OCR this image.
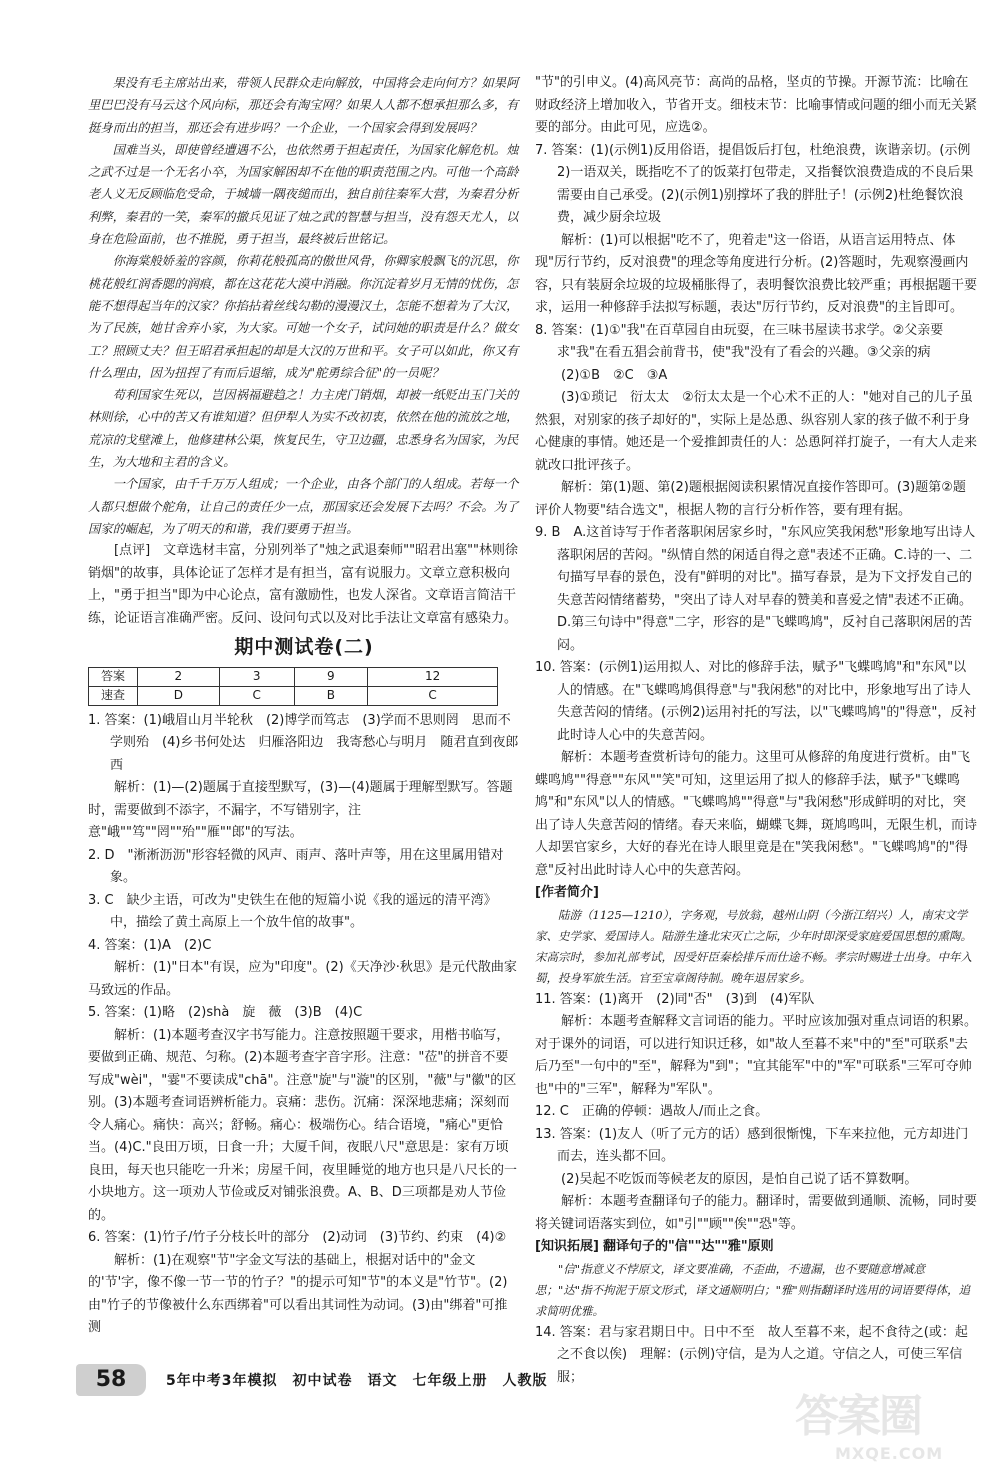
果没有毛主席站出来，带领人民群众走向解放，中国将会走向何方？如果阿里巴巴没有马云这个风向标，那还会有淘宝网？如果人人都不想承担那么多，有挺身而出的担当，那还会有进步吗？一个企业，一个国家会得到发展吗？

国难当头，即使曾经遭遇不公，也依然勇于担起责任，为国家化解危机。烛之武不过是一个无名小卒，为国家解困却不在他的职责范围之内。可他一个高龄老人义无反顾临危受命，于城墙一隅夜缒而出，独自前往秦军大营，为秦君分析利弊，秦君的一笑，秦军的撤兵见证了烛之武的智慧与担当，没有怨天尤人，以身在危险面前，也不推脱，勇于担当，最终被后世铭记。

你海棠般娇羞的容颜，你莉花般孤高的傲世风骨，你卿家般飘飞的沉思，你桃花般红润香腮的润痕，都在这花花大漠中消融。你沉淀着岁月无情的忧伤，怎能不想得起当年的汉家？你掐拈着丝线勾勒的漫漫汉土，怎能不想着为了大汉，为了民族，她甘舍弃小家，为大家。可她一个女子，试问她的职责是什么？做女工？照顾丈夫？但王昭君承担起的却是大汉的万世和平。女子可以如此，你又有什么理由，因为扭捏了有而后退缩，成为"舵勇综合征"的一员呢？

苟利国家生死以，岂因祸福避趋之！力主虎门销烟，却被一纸贬出玉门关的林则徐，心中的苦又有谁知道？但伊犁人为实不改初衷，依然在他的流放之地，荒凉的戈壁滩上，他修建林公渠，恢复民生，守卫边疆，忠悉身名为国家，为民生，为大地和主君的含义。

一个国家，由千千万万人组成；一个企业，由各个部门的人组成。若每一个人都只想做个舵角，让自己的责任少一点，那国家还会发展下去吗？不会。为了国家的崛起，为了明天的和谐，我们要勇于担当。

[点评]　文章选材丰富，分别列举了"烛之武退秦师""昭君出塞""林则徐销烟"的故事，具体论证了怎样才是有担当，富有说服力。文章立意积极向上，"勇于担当"即为中心论点，富有激励性，也发人深省。文章语言简洁干练，论证语言准确严密。反问、设问句式以及对比手法让文章富有感染力。

期中测试卷(二)
答案	2	3	9	12
速查	D	C	B	C

1. 答案：(1)峨眉山月半轮秋　(2)博学而笃志　(3)学而不思则罔　思而不学则殆　(4)乡书何处达　归雁洛阳边　我寄愁心与明月　随君直到夜郎西

解析：(1)—(2)题属于直接型默写，(3)—(4)题属于理解型默写。答题时，需要做到不添字，不漏字，不写错别字，注意"峨""笃""罔""殆""雁""郎"的写法。

2. D　"淅淅沥沥"形容轻微的风声、雨声、落叶声等，用在这里属用错对象。

3. C　缺少主语，可改为"史铁生在他的短篇小说《我的遥远的清平湾》中，描绘了黄土高原上一个放牛倌的故事"。

4. 答案：(1)A　(2)C

解析：(1)"日本"有误，应为"印度"。(2)《天净沙·秋思》是元代散曲家马致远的作品。

5. 答案：(1)略　(2)shà　旋　薇　(3)B　(4)C

解析：(1)本题考查汉字书写能力。注意按照题干要求，用楷书临写，要做到正确、规范、匀称。(2)本题考查字音字形。注意："莅"的拼音不要写成"wèi"，"霎"不要读成"chā"。注意"旋"与"漩"的区别，"薇"与"徽"的区别。(3)本题考查词语辨析能力。哀痛：悲伤。沉痛：深深地悲痛；深刻而令人痛心。痛快：高兴；舒畅。痛心：极端伤心。结合语境，"痛心"更恰当。(4)C."良田万顷，日食一升；大厦千间，夜眠八尺"意思是：家有万顷良田，每天也只能吃一升米；房屋千间，夜里睡觉的地方也只是八尺长的一小块地方。这一项劝人节俭或反对铺张浪费。A、B、D三项都是劝人节俭的。

6. 答案：(1)竹子/竹子分枝长叶的部分　(2)动词　(3)节约、约束　(4)②

解析：(1)在观察"节"字金文写法的基础上，根据对话中的"金文的'节'字，像不像一节一节的竹子？"的提示可知"节"的本义是"竹节"。(2)由"竹子的节像被什么东西绑着"可以看出其词性为动词。(3)由"绑着"可推测

"节"的引申义。(4)高风亮节：高尚的品格，坚贞的节操。开源节流：比喻在财政经济上增加收入，节省开支。细枝末节：比喻事情或问题的细小而无关紧要的部分。由此可见，应选②。

7. 答案：(1)(示例1)反用俗语，提倡饭后打包，杜绝浪费，诙谐亲切。(示例2)一语双关，既指吃不了的饭菜打包带走，又指餐饮浪费造成的不良后果需要由自己承受。(2)(示例1)别撑坏了我的胖肚子！(示例2)杜绝餐饮浪费，减少厨余垃圾

解析：(1)可以根据"吃不了，兜着走"这一俗语，从语言运用特点、体现"厉行节约，反对浪费"的理念等角度进行分析。(2)答题时，先观察漫画内容，只有装厨余垃圾的垃圾桶胀得了，表明餐饮浪费比较严重；再根据题干要求，运用一种修辞手法拟写标题，表达"厉行节约，反对浪费"的主旨即可。

8. 答案：(1)①"我"在百草园自由玩耍，在三味书屋读书求学。②父亲要求"我"在看五猖会前背书，使"我"没有了看会的兴趣。③父亲的病

(2)①B　②C　③A

(3)①琐记　衍太太　②衍太太是一个心术不正的人："她对自己的儿子虽然狠，对别家的孩子却好的"，实际上是怂恿、纵容别人家的孩子做不利于身心健康的事情。她还是一个爱推卸责任的人：怂恿阿祥打旋子，一有大人走来就改口批评孩子。

解析：第(1)题、第(2)题根据阅读积累情况直接作答即可。(3)题第②题评价人物要"结合选文"，根据人物的言行分析作答，要有理有据。

9. B　A.这首诗写于作者落职闲居家乡时，"东风应笑我闲愁"形象地写出诗人落职闲居的苦闷。"纵情自然的闲适自得之意"表述不正确。C.诗的一、二句描写早春的景色，没有"鲜明的对比"。描写春景，是为下文抒发自己的失意苦闷情绪蓄势，"突出了诗人对早春的赞美和喜爱之情"表述不正确。D.第三句诗中"得意"二字，形容的是"飞蝶鸣鸠"，反衬自己落职闲居的苦闷。

10. 答案：(示例1)运用拟人、对比的修辞手法，赋予"飞蝶鸣鸠"和"东风"以人的情感。在"飞蝶鸣鸠俱得意"与"我闲愁"的对比中，形象地写出了诗人失意苦闷的情绪。(示例2)运用衬托的写法，以"飞蝶鸣鸠"的"得意"，反衬此时诗人心中的失意苦闷。

解析：本题考查赏析诗句的能力。这里可从修辞的角度进行赏析。由"飞蝶鸣鸠""得意""东风""笑"可知，这里运用了拟人的修辞手法，赋予"飞蝶鸣鸠"和"东风"以人的情感。"飞蝶鸣鸠""得意"与"我闲愁"形成鲜明的对比，突出了诗人失意苦闷的情绪。春天来临，蝴蝶飞舞，斑鸠鸣叫，无限生机，而诗人却罢官家乡，大好的春光在诗人眼里竟是在"笑我闲愁"。"飞蝶鸣鸠"的"得意"反衬出此时诗人心中的失意苦闷。

[作者简介]

陆游（1125—1210），字务观，号放翁，越州山阴（今浙江绍兴）人，南宋文学家、史学家、爱国诗人。陆游生逢北宋灭亡之际，少年时即深受家庭爱国思想的熏陶。宋高宗时，参加礼部考试，因受奸臣秦桧排斥而仕途不畅。孝宗时赐进士出身。中年入蜀，投身军旅生活。官至宝章阁待制。晚年退居家乡。

11. 答案：(1)离开　(2)同"否"　(3)到　(4)军队

解析：本题考查解释文言词语的能力。平时应该加强对重点词语的积累。对于课外的词语，可以进行知识迁移，如"故人至暮不来"中的"至"可联系"去后乃至"一句中的"至"，解释为"到"；"宜其能军"中的"军"可联系"三军可夺帅也"中的"三军"，解释为"军队"。

12. C　正确的停顿：遇故人/而止之食。

13. 答案：(1)友人（听了元方的话）感到很惭愧，下车来拉他，元方却进门而去，连头都不回。

(2)吴起不吃饭而等候老友的原因，是怕自己说了话不算数啊。

解析：本题考查翻译句子的能力。翻译时，需要做到通顺、流畅，同时要将关键词语落实到位，如"引""顾""俟""恐"等。

[知识拓展] 翻译句子的"信""达""雅"原则

"信"指意义不悖原文，译文要准确，不歪曲，不遗漏，也不要随意增减意思；"达"指不拘泥于原文形式，译文通顺明白；"雅"则指翻译时选用的词语要得体，追求简明优雅。

14. 答案：君与家君期日中。日中不至　故人至暮不来，起不食待之(或：起之不食以俟)　理解：(示例)守信，是为人之道。守信之人，可使三军信服；

58	5年中考3年模拟　初中试卷　语文　七年级上册　人教版
答案圈
MXQE.COM
